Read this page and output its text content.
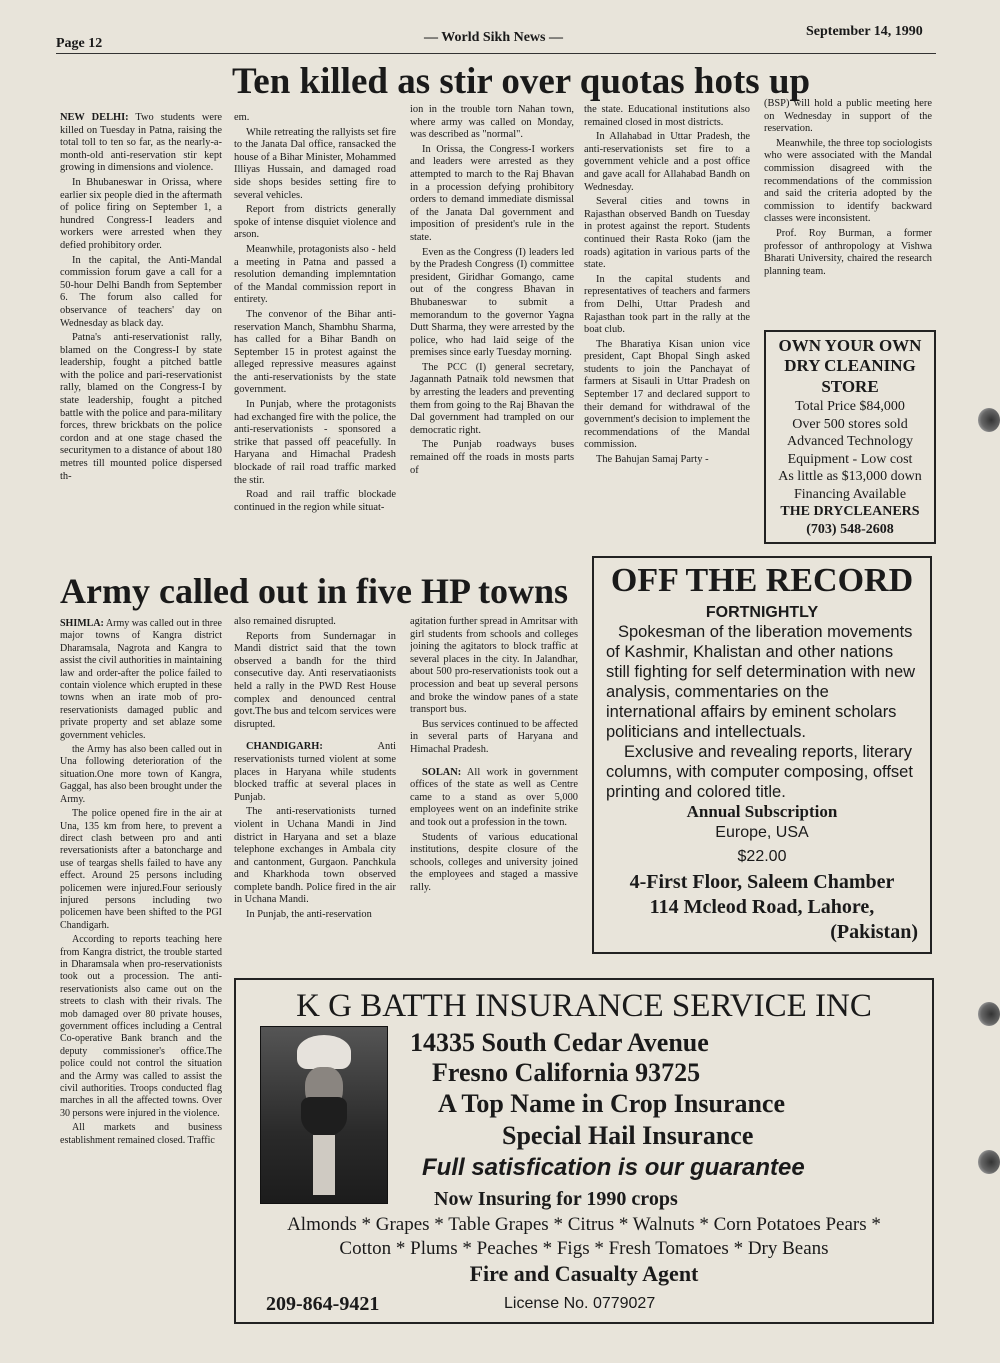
Page 12	— World Sikh News —	September 14, 1990
Ten killed as stir over quotas hots up

NEW DELHI: Two students were killed on Tuesday in Patna, raising the total toll to ten so far, as the nearly-a-month-old anti-reservation stir kept growing in dimensions and violence.

In Bhubaneswar in Orissa, where earlier six people died in the aftermath of police firing on September 1, a hundred Congress-I leaders and workers were arrested when they defied prohibitory order.

In the capital, the Anti-Mandal commission forum gave a call for a 50-hour Delhi Bandh from September 6. The forum also called for observance of teachers' day on Wednesday as black day.

Patna's anti-reservationist rally, blamed on the Congress-I by state leadership, fought a pitched battle with the police and pari-reservationist rally, blamed on the Congress-I by state leadership, fought a pitched battle with the police and para-military forces, threw brickbats on the police cordon and at one stage chased the securitymen to a distance of about 180 metres till mounted police dispersed th-

em.

While retreating the rallyists set fire to the Janata Dal office, ransacked the house of a Bihar Minister, Mohammed Illiyas Hussain, and damaged road side shops besides setting fire to several vehicles.

Report from districts generally spoke of intense disquiet violence and arson.

Meanwhile, protagonists also - held a meeting in Patna and passed a resolution demanding implemntation of the Mandal commission report in entirety.

The convenor of the Bihar anti-reservation Manch, Shambhu Sharma, has called for a Bihar Bandh on September 15 in protest against the alleged repressive measures against the anti-reservationists by the state government.

In Punjab, where the protagonists had exchanged fire with the police, the anti-reservationists - sponsored a strike that passed off peacefully. In Haryana and Himachal Pradesh blockade of rail road traffic marked the stir.

Road and rail traffic blockade continued in the region while situat-

ion in the trouble torn Nahan town, where army was called on Monday, was described as "normal".

In Orissa, the Congress-I workers and leaders were arrested as they attempted to march to the Raj Bhavan in a procession defying prohibitory orders to demand immediate dismissal of the Janata Dal government and imposition of president's rule in the state.

Even as the Congress (I) leaders led by the Pradesh Congress (I) committee president, Giridhar Gomango, came out of the congress Bhavan in Bhubaneswar to submit a memorandum to the governor Yagna Dutt Sharma, they were arrested by the police, who had laid seige of the premises since early Tuesday morning.

The PCC (I) general secretary, Jagannath Patnaik told newsmen that by arresting the leaders and preventing them from going to the Raj Bhavan the Dal government had trampled on our democratic right.

The Punjab roadways buses remained off the roads in mosts parts of

the state. Educational institutions also remained closed in most districts.

In Allahabad in Uttar Pradesh, the anti-reservationists set fire to a government vehicle and a post office and gave acall for Allahabad Bandh on Wednesday.

Several cities and towns in Rajasthan observed Bandh on Tuesday in protest against the report. Students continued their Rasta Roko (jam the roads) agitation in various parts of the state.

In the capital students and representatives of teachers and farmers from Delhi, Uttar Pradesh and Rajasthan took part in the rally at the boat club.

The Bharatiya Kisan union vice president, Capt Bhopal Singh asked students to join the Panchayat of farmers at Sisauli in Uttar Pradesh on September 17 and declared support to their demand for withdrawal of the government's decision to implement the recommendations of the Mandal commission.

The Bahujan Samaj Party -

(BSP) will hold a public meeting here on Wednesday in support of the reservation.

Meanwhile, the three top sociologists who were associated with the Mandal commission disagreed with the recommendations of the commission and said the criteria adopted by the commission to identify backward classes were inconsistent.

Prof. Roy Burman, a former professor of anthropology at Vishwa Bharati University, chaired the research planning team.

OWN YOUR OWN
DRY CLEANING
STORE
Total Price $84,000
Over 500 stores sold
Advanced Technology
Equipment - Low cost
As little as $13,000 down
Financing Available
THE DRYCLEANERS
(703) 548-2608
Army called out in five HP towns

SHIMLA: Army was called out in three major towns of Kangra district Dharamsala, Nagrota and Kangra to assist the civil authorities in maintaining law and order-after the police failed to contain violence which erupted in these towns when an irate mob of pro-reservationists damaged public and private property and set ablaze some government vehicles.

the Army has also been called out in Una following deterioration of the situation.One more town of Kangra, Gaggal, has also been brought under the Army.

The police opened fire in the air at Una, 135 km from here, to prevent a direct clash between pro and anti reversationists after a batoncharge and use of teargas shells failed to have any effect. Around 25 persons including policemen were injured.Four seriously injured persons including two policemen have been shifted to the PGI Chandigarh.

According to reports teaching here from Kangra district, the trouble started in Dharamsala when pro-reservationists took out a procession. The anti-reservationists also came out on the streets to clash with their rivals. The mob damaged over 80 private houses, government offices including a Central Co-operative Bank branch and the deputy commissioner's office.The police could not control the situation and the Army was called to assist the civil authorities. Troops conducted flag marches in all the affected towns. Over 30 persons were injured in the violence.

All markets and business establishment remained closed. Traffic

also remained disrupted.

Reports from Sundernagar in Mandi district said that the town observed a bandh for the third consecutive day. Anti reservatiaonists held a rally in the PWD Rest House complex and denounced central govt.The bus and telcom services were disrupted.

CHANDIGARH: Anti reservationists turned violent at some places in Haryana while students blocked traffic at several places in Punjab.

The anti-reservationists turned violent in Uchana Mandi in Jind district in Haryana and set a blaze telephone exchanges in Ambala city and cantonment, Gurgaon. Panchkula and Kharkhoda town observed complete bandh. Police fired in the air in Uchana Mandi.

In Punjab, the anti-reservation

agitation further spread in Amritsar with girl students from schools and colleges joining the agitators to block traffic at several places in the city. In Jalandhar, about 500 pro-reservationists took out a procession and beat up several persons and broke the window panes of a state transport bus.

Bus services continued to be affected in several parts of Haryana and Himachal Pradesh.

SOLAN: All work in government offices of the state as well as Centre came to a stand as over 5,000 employees went on an indefinite strike and took out a profession in the town.

Students of various educational institutions, despite closure of the schools, colleges and university joined the employees and staged a massive rally.

OFF THE RECORD
FORTNIGHTLY
Spokesman of the liberation movements of Kashmir, Khalistan and other nations still fighting for self determination with new analysis, commentaries on the international affairs by eminent scholars politicians and intellectuals.
Exclusive and revealing reports, literary columns, with computer composing, offset printing and colored title.
Annual Subscription
Europe, USA
$22.00
4-First Floor, Saleem Chamber
114 Mcleod Road, Lahore,
(Pakistan)
K G BATTH INSURANCE SERVICE INC
14335 South Cedar Avenue
Fresno California 93725
A Top Name in Crop Insurance
Special Hail Insurance
Full satisfication is our guarantee
Now Insuring for 1990 crops
Almonds * Grapes * Table Grapes * Citrus * Walnuts * Corn Potatoes Pears *
Cotton * Plums * Peaches * Figs * Fresh Tomatoes * Dry Beans
Fire and Casualty Agent
209-864-9421	License No. 0779027
